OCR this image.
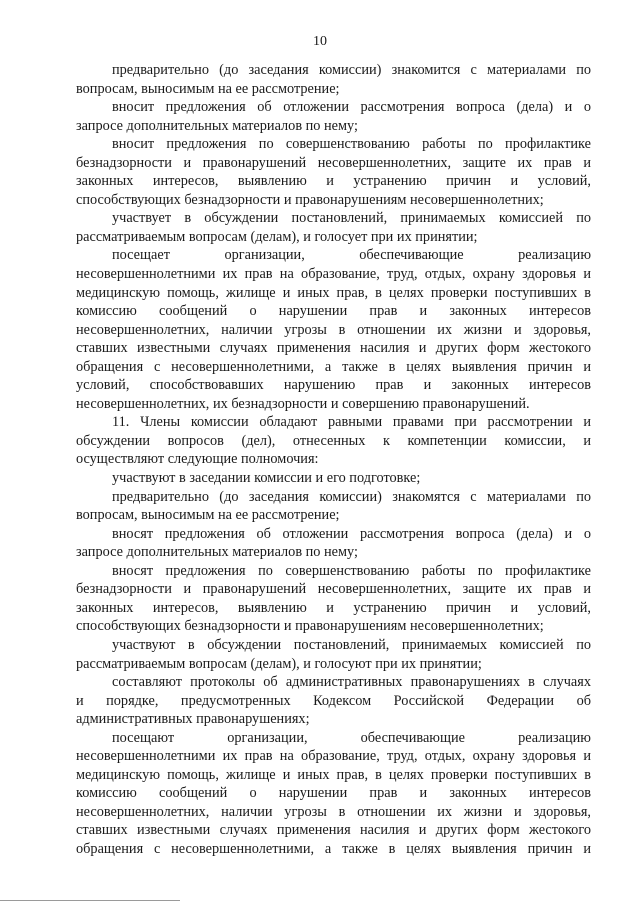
10
предварительно (до заседания комиссии) знакомится с материалами по
вопросам, выносимым на ее рассмотрение;
вносит предложения об отложении рассмотрения вопроса (дела) и о
запросе дополнительных материалов по нему;
вносит предложения по совершенствованию работы по профилактике
безнадзорности и правонарушений несовершеннолетних, защите их прав и
законных интересов, выявлению и устранению причин и условий,
способствующих безнадзорности и правонарушениям несовершеннолетних;
участвует в обсуждении постановлений, принимаемых комиссией по
рассматриваемым вопросам (делам), и голосует при их принятии;
посещает организации, обеспечивающие реализацию
несовершеннолетними их прав на образование, труд, отдых, охрану здоровья и
медицинскую помощь, жилище и иных прав, в целях проверки поступивших в
комиссию сообщений о нарушении прав и законных интересов
несовершеннолетних, наличии угрозы в отношении их жизни и здоровья,
ставших известными случаях применения насилия и других форм жестокого
обращения с несовершеннолетними, а также в целях выявления причин и
условий, способствовавших нарушению прав и законных интересов
несовершеннолетних, их безнадзорности и совершению правонарушений.
11. Члены комиссии обладают равными правами при рассмотрении и
обсуждении вопросов (дел), отнесенных к компетенции комиссии, и
осуществляют следующие полномочия:
участвуют в заседании комиссии и его подготовке;
предварительно (до заседания комиссии) знакомятся с материалами по
вопросам, выносимым на ее рассмотрение;
вносят предложения об отложении рассмотрения вопроса (дела) и о
запросе дополнительных материалов по нему;
вносят предложения по совершенствованию работы по профилактике
безнадзорности и правонарушений несовершеннолетних, защите их прав и
законных интересов, выявлению и устранению причин и условий,
способствующих безнадзорности и правонарушениям несовершеннолетних;
участвуют в обсуждении постановлений, принимаемых комиссией по
рассматриваемым вопросам (делам), и голосуют при их принятии;
составляют протоколы об административных правонарушениях в случаях
и порядке, предусмотренных Кодексом Российской Федерации об
административных правонарушениях;
посещают организации, обеспечивающие реализацию
несовершеннолетними их прав на образование, труд, отдых, охрану здоровья и
медицинскую помощь, жилище и иных прав, в целях проверки поступивших в
комиссию сообщений о нарушении прав и законных интересов
несовершеннолетних, наличии угрозы в отношении их жизни и здоровья,
ставших известными случаях применения насилия и других форм жестокого
обращения с несовершеннолетними, а также в целях выявления причин и
